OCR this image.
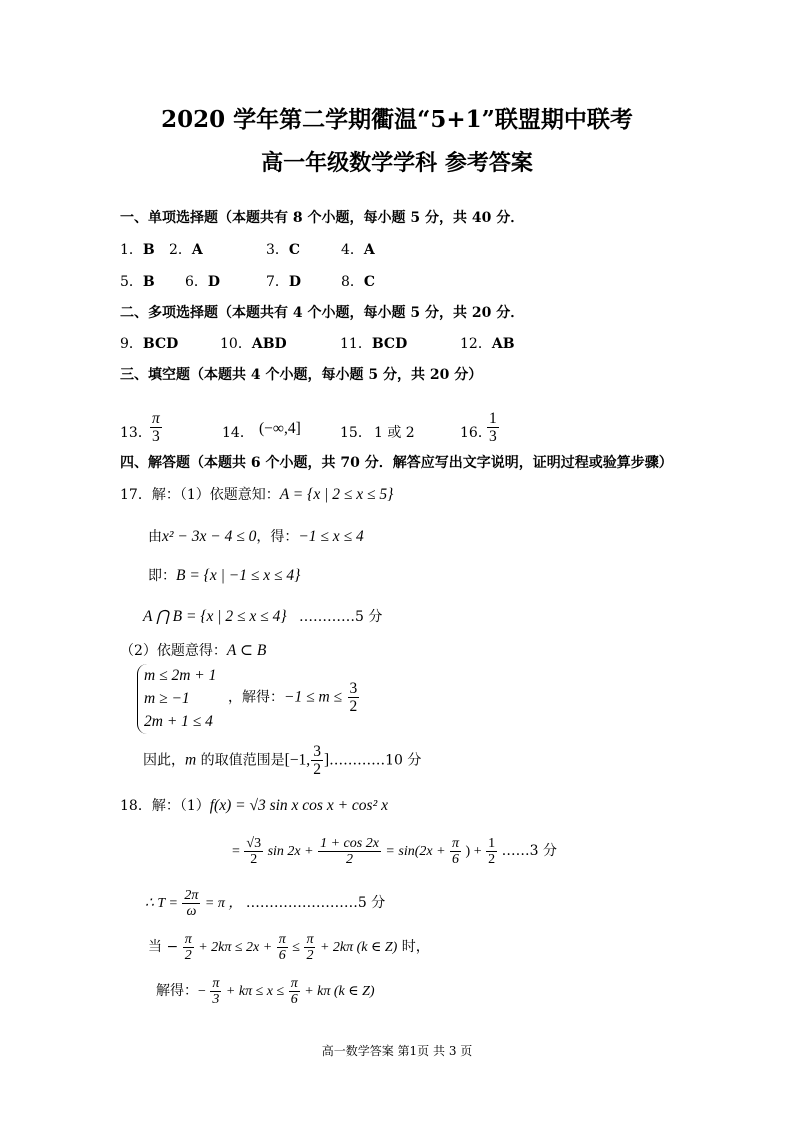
2020 学年第二学期衢温“5+1”联盟期中联考
高一年级数学学科 参考答案
一、单项选择题（本题共有 8 个小题，每小题 5 分，共 40 分．
1．B 2．A	3．C	4．A
5．B 6．D	7．D	8．C
二、多项选择题（本题共有 4 个小题，每小题 5 分，共 20 分．
9．BCD	10．ABD	11．BCD	12．AB
三、填空题（本题共 4 个小题，每小题 5 分，共 20 分）
13．
$\frac{\pi}{3}$	14． (−∞,4]	15． 1 或 2	16．
$\frac{1}{3}$
四、解答题（本题共 6 个小题，共 70 分．解答应写出文字说明，证明过程或验算步骤）
17．解：（1）依题意知：A = {x | 2 ≤ x ≤ 5}
由x² − 3x − 4 ≤ 0，得：−1 ≤ x ≤ 4
即：B = {x | −1 ≤ x ≤ 4}
A ⋂ B = {x | 2 ≤ x ≤ 4} …………5 分
（2）依题意得：A ⊂ B
m ≤ 2m + 1
m ≥ −1
2m + 1 ≤ 4
，解得：$-1 \le m \le \frac{3}{2}$
因此，m 的取值范围是[−1, $\frac{3}{2}$ ]…………10 分
18．解：（1）f(x) = √3 sin x cos x + cos² x
= $\frac{√3}{2}$ $\sin 2x + \frac{1 + \cos 2x}{2} = \sin(2x + \frac{\pi}{6}$ ) + $\frac{1}{2}$ ……3 分
∴ $T = \frac{2\pi}{\omega} = \pi$ ， ……………………5 分
当 − $\frac{\pi}{2} + 2k\pi \le 2x + \frac{\pi}{6} \le \frac{\pi}{2} + 2k\pi$ (k ∈ Z) 时，
解得：− $\frac{\pi}{3} + k\pi \le x \le \frac{\pi}{6} + k\pi$ (k ∈ Z)
高一数学答案 第1页 共 3 页
